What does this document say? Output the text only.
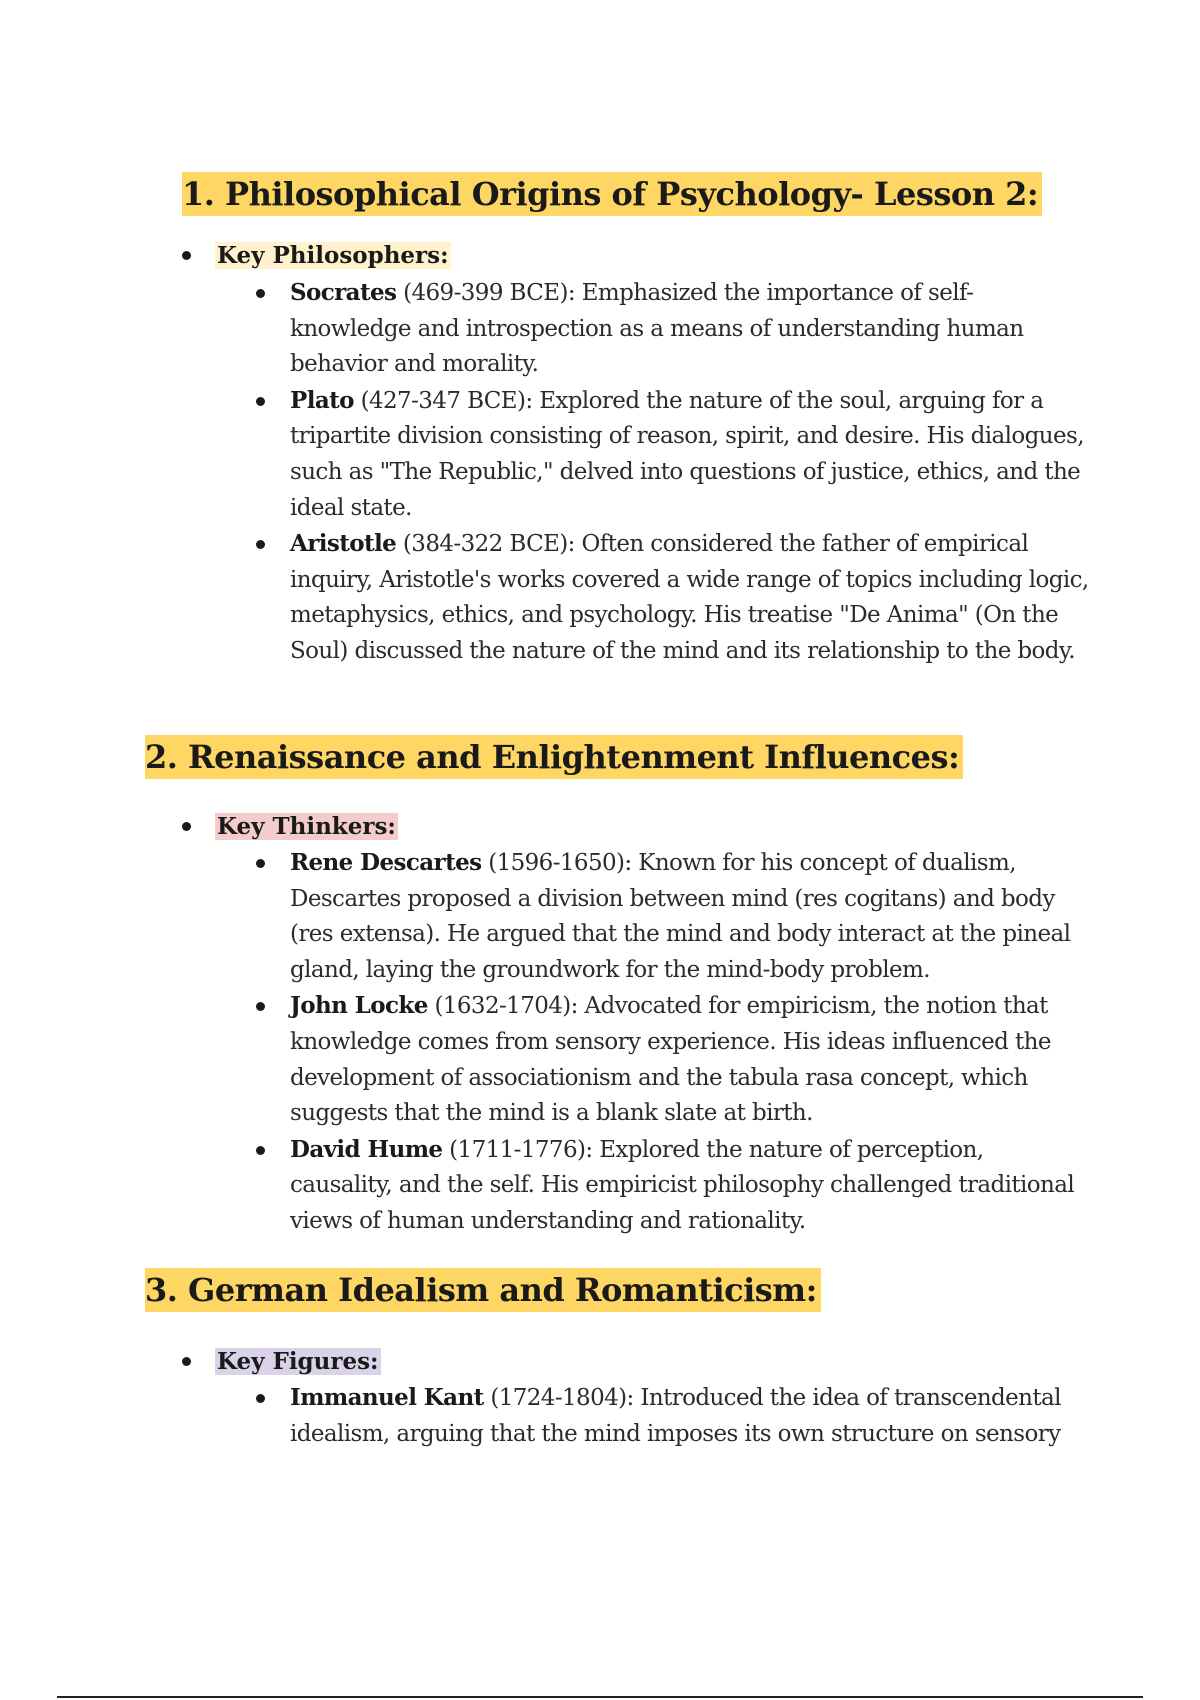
1. Philosophical Origins of Psychology- Lesson 2:
Key Philosophers:
Socrates (469-399 BCE): Emphasized the importance of self-knowledge and introspection as a means of understanding human behavior and morality.
Plato (427-347 BCE): Explored the nature of the soul, arguing for a tripartite division consisting of reason, spirit, and desire. His dialogues, such as "The Republic," delved into questions of justice, ethics, and the ideal state.
Aristotle (384-322 BCE): Often considered the father of empirical inquiry, Aristotle's works covered a wide range of topics including logic, metaphysics, ethics, and psychology. His treatise "De Anima" (On the Soul) discussed the nature of the mind and its relationship to the body.
2. Renaissance and Enlightenment Influences:
Key Thinkers:
Rene Descartes (1596-1650): Known for his concept of dualism, Descartes proposed a division between mind (res cogitans) and body (res extensa). He argued that the mind and body interact at the pineal gland, laying the groundwork for the mind-body problem.
John Locke (1632-1704): Advocated for empiricism, the notion that knowledge comes from sensory experience. His ideas influenced the development of associationism and the tabula rasa concept, which suggests that the mind is a blank slate at birth.
David Hume (1711-1776): Explored the nature of perception, causality, and the self. His empiricist philosophy challenged traditional views of human understanding and rationality.
3. German Idealism and Romanticism:
Key Figures:
Immanuel Kant (1724-1804): Introduced the idea of transcendental idealism, arguing that the mind imposes its own structure on sensory
